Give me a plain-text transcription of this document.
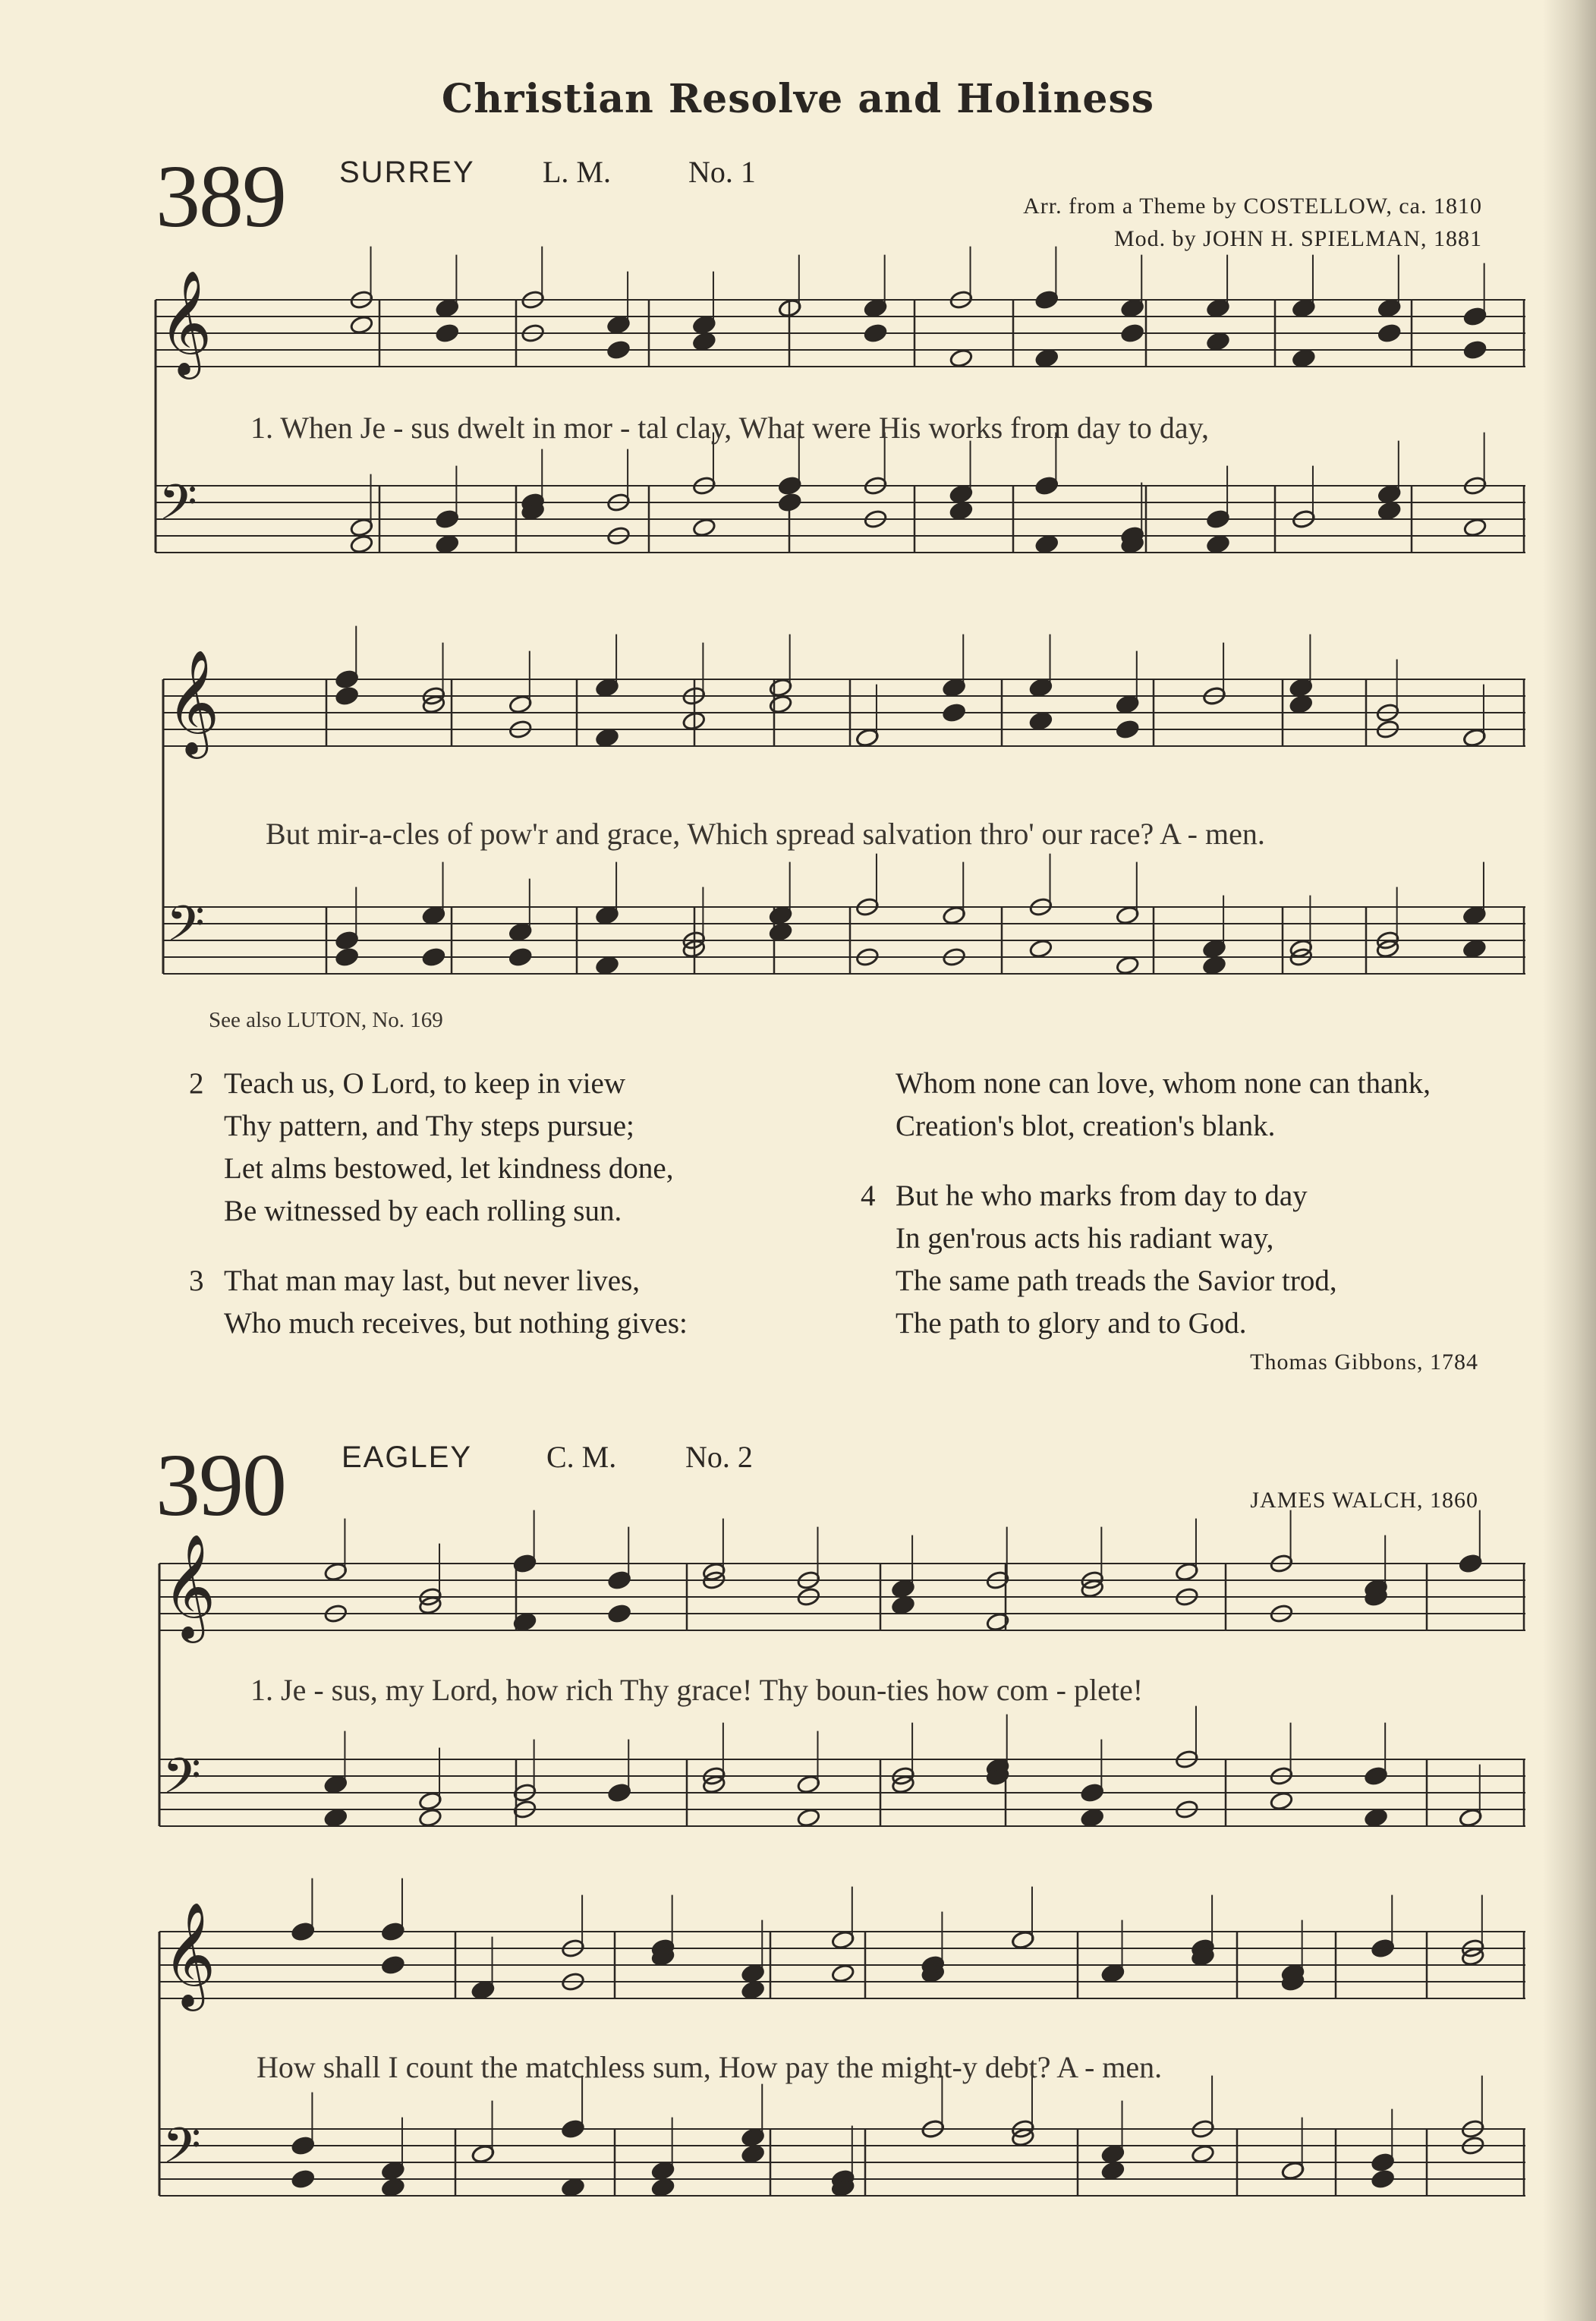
Christian Resolve and Holiness
389 SURREY L. M.	No. 1
Arr. from a Theme by COSTELLOW, ca. 1810
Mod. by JOHN H. SPIELMAN, 1881
𝄞
𝄢
𝄞
𝄢
𝄞
𝄢
𝄞
𝄢
1. When Je - sus dwelt in mor - tal clay, What were His works from day to day,
But mir-a-cles of pow'r and grace, Which spread salvation thro' our race? A - men.
See also LUTON, No. 169
2 Teach us, O Lord, to keep in view
Thy pattern, and Thy steps pursue;
Let alms bestowed, let kindness done,
Be witnessed by each rolling sun.
3 That man may last, but never lives,
Who much receives, but nothing gives:
Whom none can love, whom none can thank,
Creation's blot, creation's blank.
4 But he who marks from day to day
In gen'rous acts his radiant way,
The same path treads the Savior trod,
The path to glory and to God.
Thomas Gibbons, 1784
390 EAGLEY C. M. No. 2
JAMES WALCH, 1860
1. Je - sus, my Lord, how rich Thy grace! Thy boun-ties how com - plete!
How shall I count the matchless sum, How pay the might-y debt? A - men.
